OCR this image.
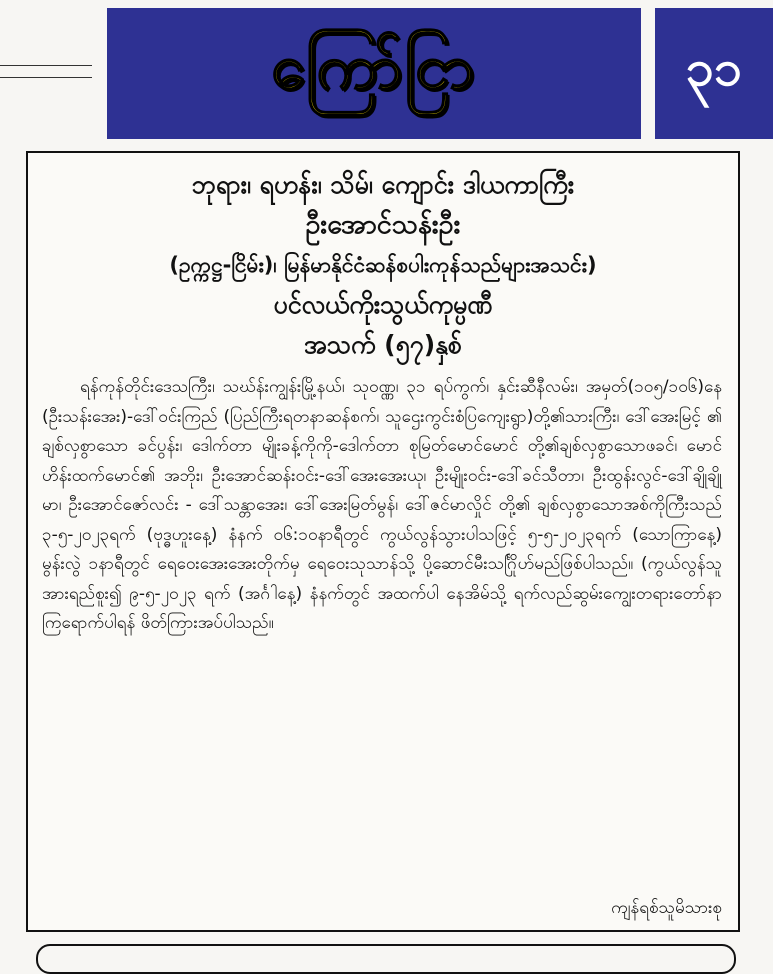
ကြော်ငြာ	၃၁
ဘုရား၊ ရဟန်း၊ သိမ်၊ ကျောင်း ဒါယကာကြီး
ဦးအောင်သန်းဦး
(ဥက္ကဋ္ဌ-ငြိမ်း)၊ မြန်မာနိုင်ငံဆန်စပါးကုန်သည်များအသင်း)
ပင်လယ်ကိုးသွယ်ကုမ္ပဏီ
အသက် (၅၇)နှစ်
ရန်ကုန်တိုင်းဒေသကြီး၊ သဃ်န်းကျွန်းမြို့နယ်၊ သုဝဏ္ဏ၊ ၃၁ ရပ်ကွက်၊ နှင်းဆီနီလမ်း၊ အမှတ်(၁၀၅/၁၀၆)နေ (ဦးသန်းအေး)-ဒေါ်ဝင်းကြည် (ပြည်ကြီးရတနာဆန်စက်၊ သူဌေးကွင်းစံပြကျေးရွာ)တို့၏သားကြီး၊ ဒေါ်အေးမြင့် ၏ ချစ်လှစွာသော ခင်ပွန်း၊ ဒေါက်တာ မျိုးခန့်ကိုကို-ဒေါက်တာ စုမြတ်မောင်မောင် တို့၏ချစ်လှစွာသောဖခင်၊ မောင်ဟိန်းထက်မောင်၏ အဘိုး၊ ဦးအောင်ဆန်းဝင်း-ဒေါ်အေးအေးယု၊ ဦးမျိုးဝင်း-ဒေါ်ခင်သီတာ၊ ဦးထွန်းလွင်-ဒေါ်ချိုချိုမာ၊ ဦးအောင်ဇော်လင်း - ဒေါ်သန္တာအေး၊ ဒေါ်အေးမြတ်မွန်၊ ဒေါ်ဇင်မာလှိုင် တို့၏ ချစ်လှစွာသောအစ်ကိုကြီးသည် ၃-၅-၂၀၂၃ရက် (ဗုဒ္ဓဟူးနေ့) နံနက် ၀၆:၁၀နာရီတွင် ကွယ်လွန်သွားပါသဖြင့် ၅-၅-၂၀၂၃ရက် (သောကြာနေ့) မွန်းလွဲ ၁နာရီတွင် ရေဝေးအေးအေးတိုက်မှ ရေဝေးသုသာန်သို့ ပို့ဆောင်မီးသင်္ဂြိုဟ်မည်ဖြစ်ပါသည်။ (ကွယ်လွန်သူအားရည်စူး၍ ၉-၅-၂၀၂၃ ရက် (အင်္ဂါနေ့) နံနက်တွင် အထက်ပါ နေအိမ်သို့ ရက်လည်ဆွမ်းကျွေးတရားတော်နာကြရောက်ပါရန် ဖိတ်ကြားအပ်ပါသည်။
ကျန်ရစ်သူမိသားစု
